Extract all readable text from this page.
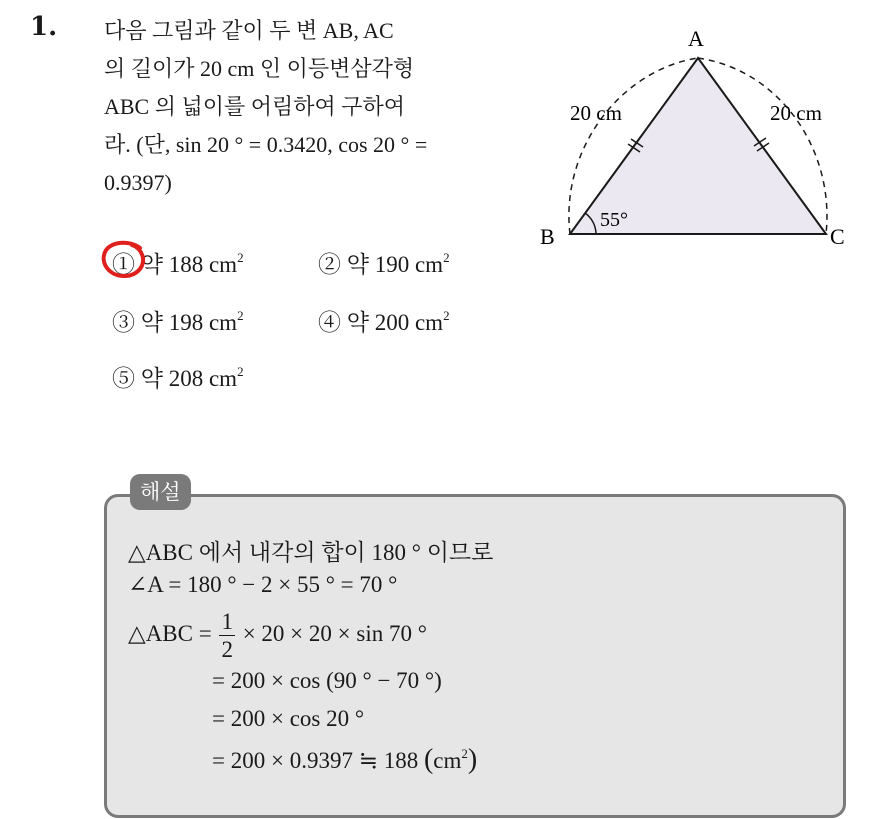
1. 다음 그림과 같이 두 변 AB, AC
의 길이가 20 cm 인 이등변삼각형
ABC 의 넓이를 어림하여 구하여
라. (단, sin 20 ° = 0.3420, cos 20 ° =
0.9397)
① 약 188 $cm^2$	② 약 190 $cm^2$
③ 약 198 $cm^2$	④ 약 200 $cm^2$
⑤ 약 208 $cm^2$
A
B	C
20 cm	20 cm
55°
해설
△ABC 에서 내각의 합이 180 ° 이므로
∠A = 180 ° − 2 × 55 ° = 70 °
△ABC = $\frac{1}{2} \times 20 \times 20 \times \sin 70$ °
= 200 × cos (90 ° − 70 °)
= 200 × cos 20 °
= 200 × 0.9397 ≒ 188 $(cm^2)$
